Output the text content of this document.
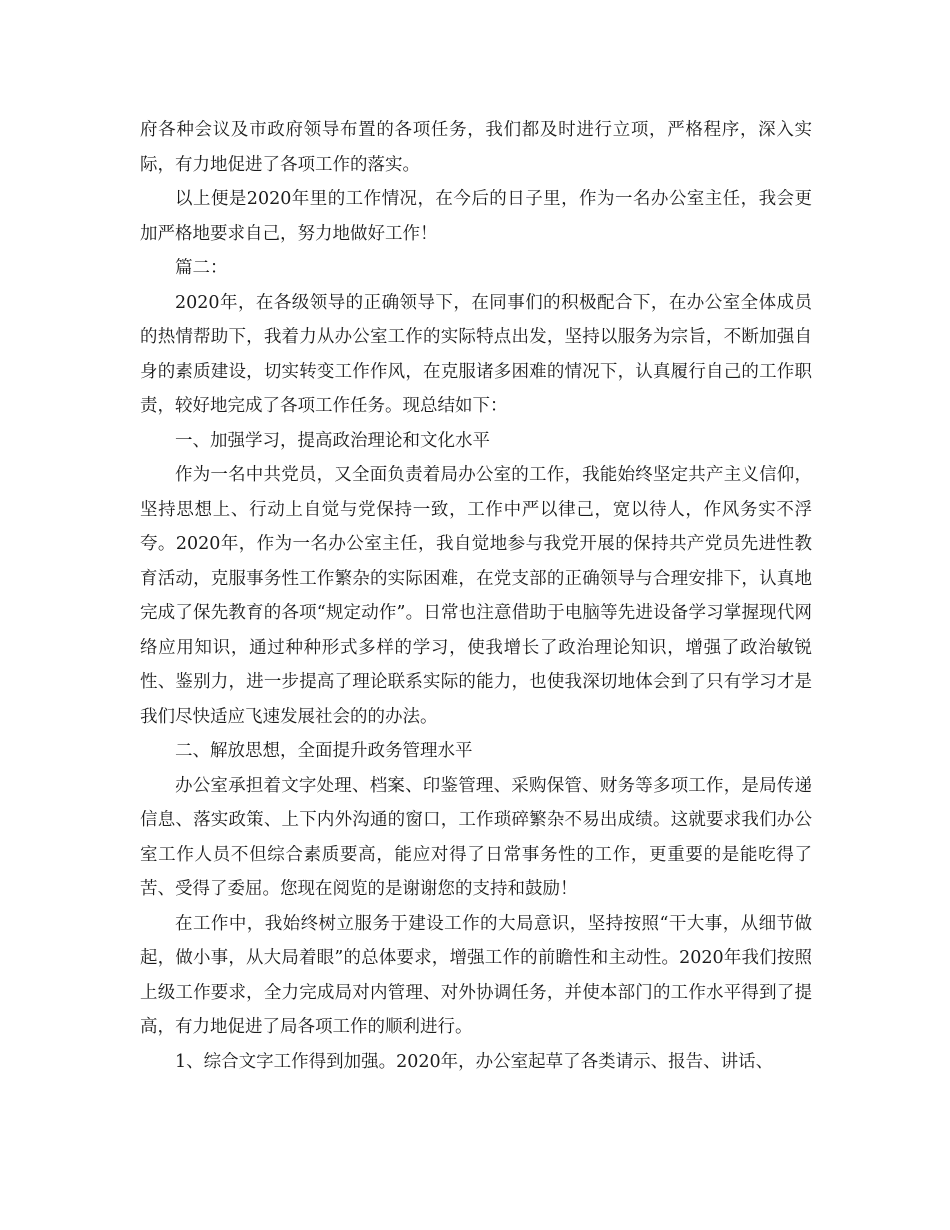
府各种会议及市政府领导布置的各项任务，我们都及时进行立项，严格程序，深入实际，有力地促进了各项工作的落实。

以上便是2020年里的工作情况，在今后的日子里，作为一名办公室主任，我会更加严格地要求自己，努力地做好工作！

篇二：

2020年，在各级领导的正确领导下，在同事们的积极配合下，在办公室全体成员的热情帮助下，我着力从办公室工作的实际特点出发，坚持以服务为宗旨，不断加强自身的素质建设，切实转变工作作风，在克服诸多困难的情况下，认真履行自己的工作职责，较好地完成了各项工作任务。现总结如下：

一、加强学习，提高政治理论和文化水平

作为一名中共党员，又全面负责着局办公室的工作，我能始终坚定共产主义信仰，坚持思想上、行动上自觉与党保持一致，工作中严以律己，宽以待人，作风务实不浮夸。2020年，作为一名办公室主任，我自觉地参与我党开展的保持共产党员先进性教育活动，克服事务性工作繁杂的实际困难，在党支部的正确领导与合理安排下，认真地完成了保先教育的各项“规定动作”。日常也注意借助于电脑等先进设备学习掌握现代网络应用知识，通过种种形式多样的学习，使我增长了政治理论知识，增强了政治敏锐性、鉴别力，进一步提高了理论联系实际的能力，也使我深切地体会到了只有学习才是我们尽快适应飞速发展社会的的办法。

二、解放思想，全面提升政务管理水平

办公室承担着文字处理、档案、印鉴管理、采购保管、财务等多项工作，是局传递信息、落实政策、上下内外沟通的窗口，工作琐碎繁杂不易出成绩。这就要求我们办公室工作人员不但综合素质要高，能应对得了日常事务性的工作，更重要的是能吃得了苦、受得了委屈。您现在阅览的是谢谢您的支持和鼓励！

在工作中，我始终树立服务于建设工作的大局意识，坚持按照“干大事，从细节做起，做小事，从大局着眼”的总体要求，增强工作的前瞻性和主动性。2020年我们按照上级工作要求，全力完成局对内管理、对外协调任务，并使本部门的工作水平得到了提高，有力地促进了局各项工作的顺利进行。

1、综合文字工作得到加强。2020年，办公室起草了各类请示、报告、讲话、
